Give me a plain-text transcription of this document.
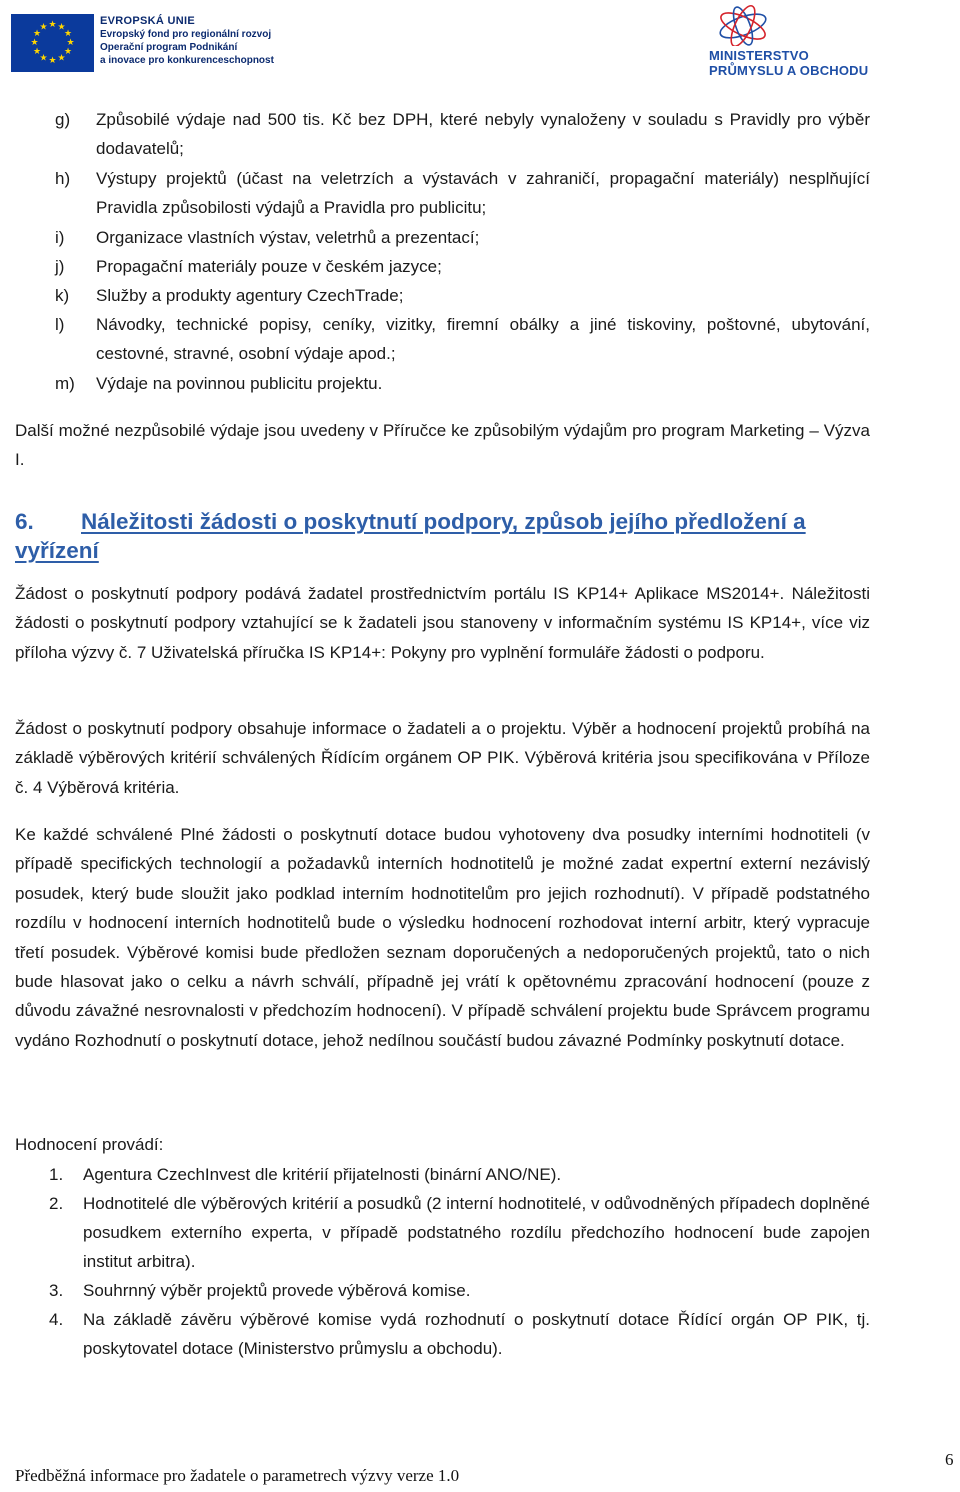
★ ★
★
★
★
★
★
★
★
★
★
★
EVROPSKÁ UNIE
Evropský fond pro regionální rozvoj
Operační program Podnikání
a inovace pro konkurenceschopnost	MINISTERSTVO
PRŮMYSLU A OBCHODU
g) Způsobilé výdaje nad 500 tis. Kč bez DPH, které nebyly vynaloženy v souladu s Pravidly pro výběr dodavatelů;
h) Výstupy projektů (účast na veletrzích a výstavách v zahraničí, propagační materiály) nesplňující Pravidla způsobilosti výdajů a Pravidla pro publicitu;
i) Organizace vlastních výstav, veletrhů a prezentací;
j) Propagační materiály pouze v českém jazyce;
k) Služby a produkty agentury CzechTrade;
l) Návodky, technické popisy, ceníky, vizitky, firemní obálky a jiné tiskoviny, poštovné, ubytování, cestovné, stravné, osobní výdaje apod.;
m) Výdaje na povinnou publicitu projektu.

Další možné nezpůsobilé výdaje jsou uvedeny v Příručce ke způsobilým výdajům pro program Marketing – Výzva I.

6. Náležitosti žádosti o poskytnutí podpory, způsob jejího předložení a vyřízení

Žádost o poskytnutí podpory podává žadatel prostřednictvím portálu IS KP14+ Aplikace MS2014+. Náležitosti žádosti o poskytnutí podpory vztahující se k žadateli jsou stanoveny v informačním systému IS KP14+, více viz příloha výzvy č. 7 Uživatelská příručka IS KP14+: Pokyny pro vyplnění formuláře žádosti o podporu.

Žádost o poskytnutí podpory obsahuje informace o žadateli a o projektu. Výběr a hodnocení projektů probíhá na základě výběrových kritérií schválených Řídícím orgánem OP PIK. Výběrová kritéria jsou specifikována v Příloze č. 4 Výběrová kritéria.

Ke každé schválené Plné žádosti o poskytnutí dotace budou vyhotoveny dva posudky interními hodnotiteli (v případě specifických technologií a požadavků interních hodnotitelů je možné zadat expertní externí nezávislý posudek, který bude sloužit jako podklad interním hodnotitelům pro jejich rozhodnutí). V případě podstatného rozdílu v hodnocení interních hodnotitelů bude o výsledku hodnocení rozhodovat interní arbitr, který vypracuje třetí posudek. Výběrové komisi bude předložen seznam doporučených a nedoporučených projektů, tato o nich bude hlasovat jako o celku a návrh schválí, případně jej vrátí k opětovnému zpracování hodnocení (pouze z důvodu závažné nesrovnalosti v předchozím hodnocení). V případě schválení projektu bude Správcem programu vydáno Rozhodnutí o poskytnutí dotace, jehož nedílnou součástí budou závazné Podmínky poskytnutí dotace.

Hodnocení provádí:

1. Agentura CzechInvest dle kritérií přijatelnosti (binární ANO/NE).
2. Hodnotitelé dle výběrových kritérií a posudků (2 interní hodnotitelé, v odůvodněných případech doplněné posudkem externího experta, v případě podstatného rozdílu předchozího hodnocení bude zapojen institut arbitra).
3. Souhrnný výběr projektů provede výběrová komise.
4. Na základě závěru výběrové komise vydá rozhodnutí o poskytnutí dotace Řídící orgán OP PIK, tj. poskytovatel dotace (Ministerstvo průmyslu a obchodu).
Předběžná informace pro žadatele o parametrech výzvy verze 1.0
6
